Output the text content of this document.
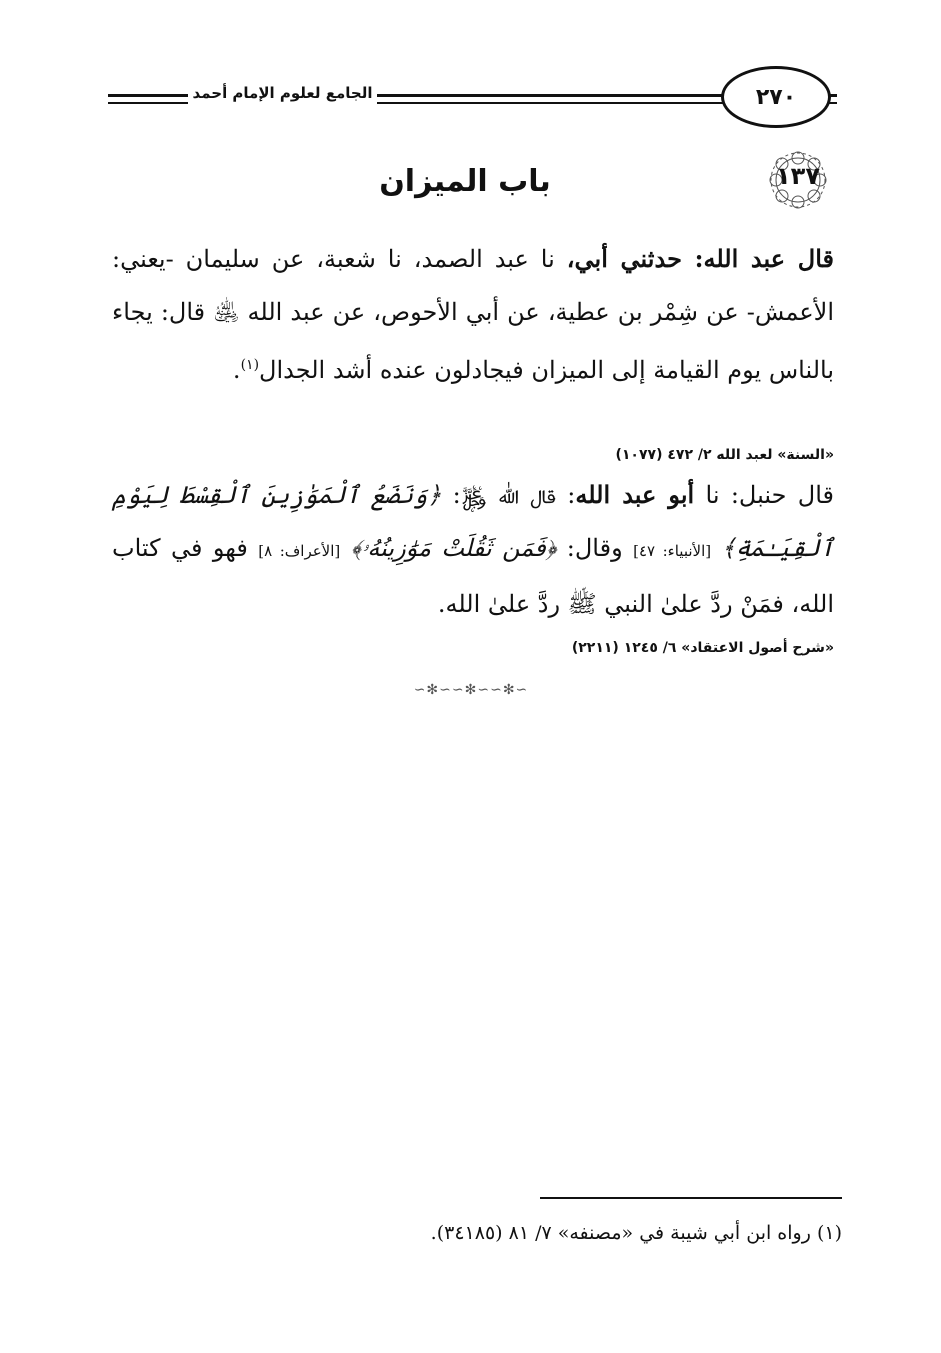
الجامع لعلوم الإمام أحمد	٢٧٠
باب الميزان	١٣٧
قال عبد الله: حدثني أبي، نا عبد الصمد، نا شعبة، عن سليمان -يعني: الأعمش- عن شِمْر بن عطية، عن أبي الأحوص، عن عبد الله ﵁ قال: يجاء بالناس يوم القيامة إلى الميزان فيجادلون عنده أشد الجدال$^{(١)}$.
«السنة» لعبد الله ٢/ ٤٧٢ (١٠٧٧)
قال حنبل: نا أبو عبد الله: قال الله ﷿: ﴿وَنَضَعُ ٱلْمَوَٰزِينَ ٱلْقِسْطَ لِيَوْمِ ٱلْقِيَـٰمَةِ﴾ [الأنبياء: ٤٧] وقال: ﴿فَمَن ثَقُلَتْ مَوَٰزِينُهُۥ﴾ [الأعراف: ٨] فهو في كتاب الله، فمَنْ ردَّ علىٰ النبي ﷺ ردَّ علىٰ الله.
«شرح أصول الاعتقاد» ٦/ ١٢٤٥ (٢٢١١)
∽✻∽∽✻∽∽✻∽
(١) رواه ابن أبي شيبة في «مصنفه» ٧/ ٨١ (٣٤١٨٥).
